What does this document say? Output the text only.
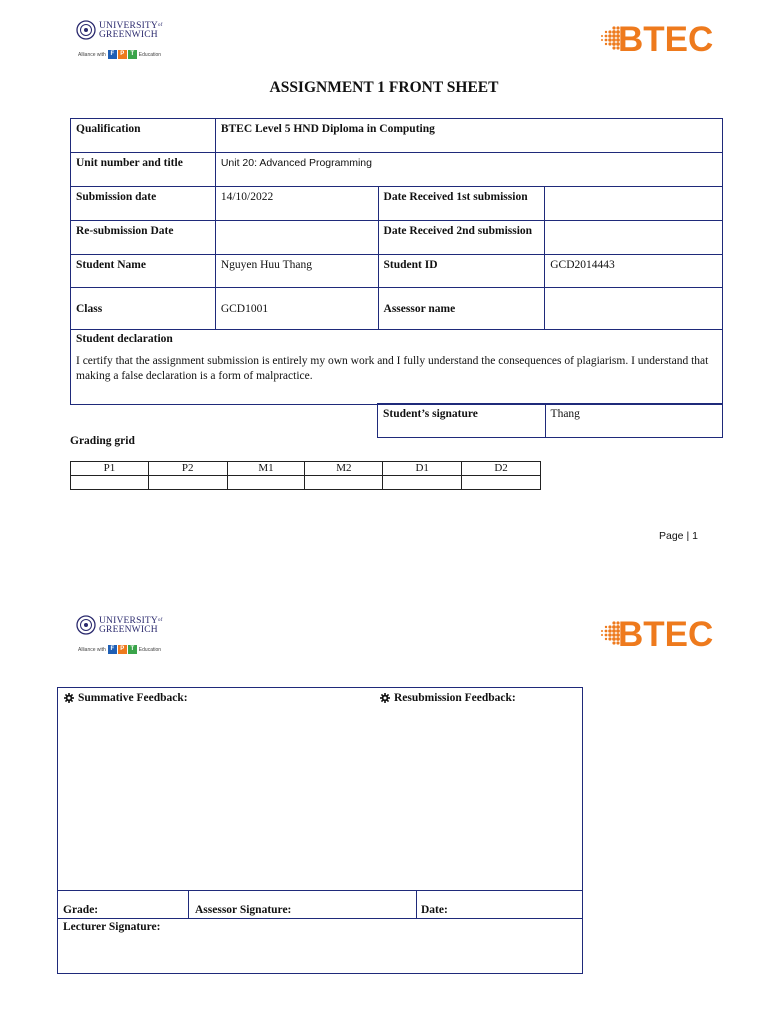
$UNIVERSITY^{of}$
GREENWICH
Alliance with F	P	T Education	BTEC
ASSIGNMENT 1 FRONT SHEET
Qualification	BTEC Level 5 HND Diploma in Computing		
Unit number and title	Unit 20: Advanced Programming		
Submission date	14/10/2022	Date Received 1st submission	
Re-submission Date		Date Received 2nd submission	
Student Name	Nguyen Huu Thang	Student ID	GCD2014443
Class	GCD1001	Assessor name	

Student declaration
I certify that the assignment submission is entirely my own work and I fully understand the consequences of plagiarism. I understand that making a false declaration is a form of malpractice.			
Student’s signature	Thang
Grading grid
P1	P2	M1	M2	D1	D2

Page | 1
$UNIVERSITY^{of}$
GREENWICH
Alliance with F	P	T Education	BTEC
Summative Feedback:	Resubmission Feedback:
Grade:	Assessor Signature:	Date:
Lecturer Signature:
